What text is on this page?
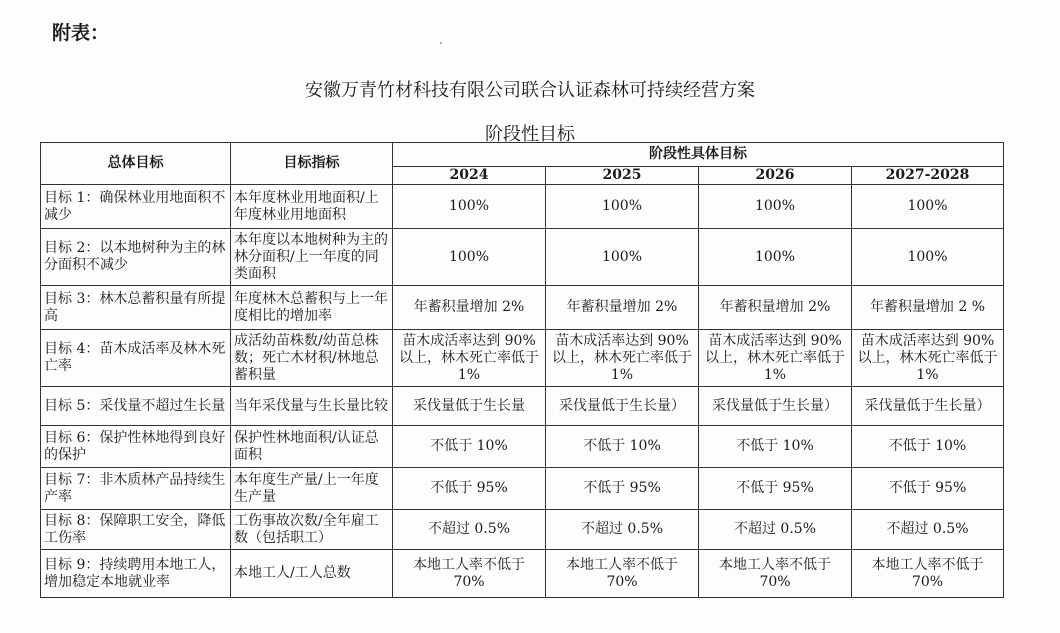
附表：
安徽万青竹材科技有限公司联合认证森林可持续经营方案
阶段性目标
总体目标	目标指标	阶段性具体目标			
		2024	2025	2026	2027-2028
目标 1：确保林业用地面积不减少	本年度林业用地面积/上年度林业用地面积	100%	100%	100%	100%
目标 2：以本地树种为主的林分面积不减少	本年度以本地树种为主的林分面积/上一年度的同类面积	100%	100%	100%	100%
目标 3：林木总蓄积量有所提高	年度林木总蓄积与上一年度相比的增加率	年蓄积量增加 2%	年蓄积量增加 2%	年蓄积量增加 2%	年蓄积量增加 2 %
目标 4：苗木成活率及林木死亡率	成活幼苗株数/幼苗总株数；死亡木材积/林地总蓄积量	苗木成活率达到 90%以上，林木死亡率低于 1%	苗木成活率达到 90%以上，林木死亡率低于 1%	苗木成活率达到 90%以上，林木死亡率低于 1%	苗木成活率达到 90%以上，林木死亡率低于 1%
目标 5：采伐量不超过生长量	当年采伐量与生长量比较	采伐量低于生长量	采伐量低于生长量）	采伐量低于生长量）	采伐量低于生长量）
目标 6：保护性林地得到良好的保护	保护性林地面积/认证总面积	不低于 10%	不低于 10%	不低于 10%	不低于 10%
目标 7：非木质林产品持续生产率	本年度生产量/上一年度生产量	不低于 95%	不低于 95%	不低于 95%	不低于 95%
目标 8：保障职工安全，降低工伤率	工伤事故次数/全年雇工数（包括职工）	不超过 0.5%	不超过 0.5%	不超过 0.5%	不超过 0.5%
目标 9：持续聘用本地工人，增加稳定本地就业率	本地工人/工人总数	本地工人率不低于 70%	本地工人率不低于 70%	本地工人率不低于 70%	本地工人率不低于 70%
